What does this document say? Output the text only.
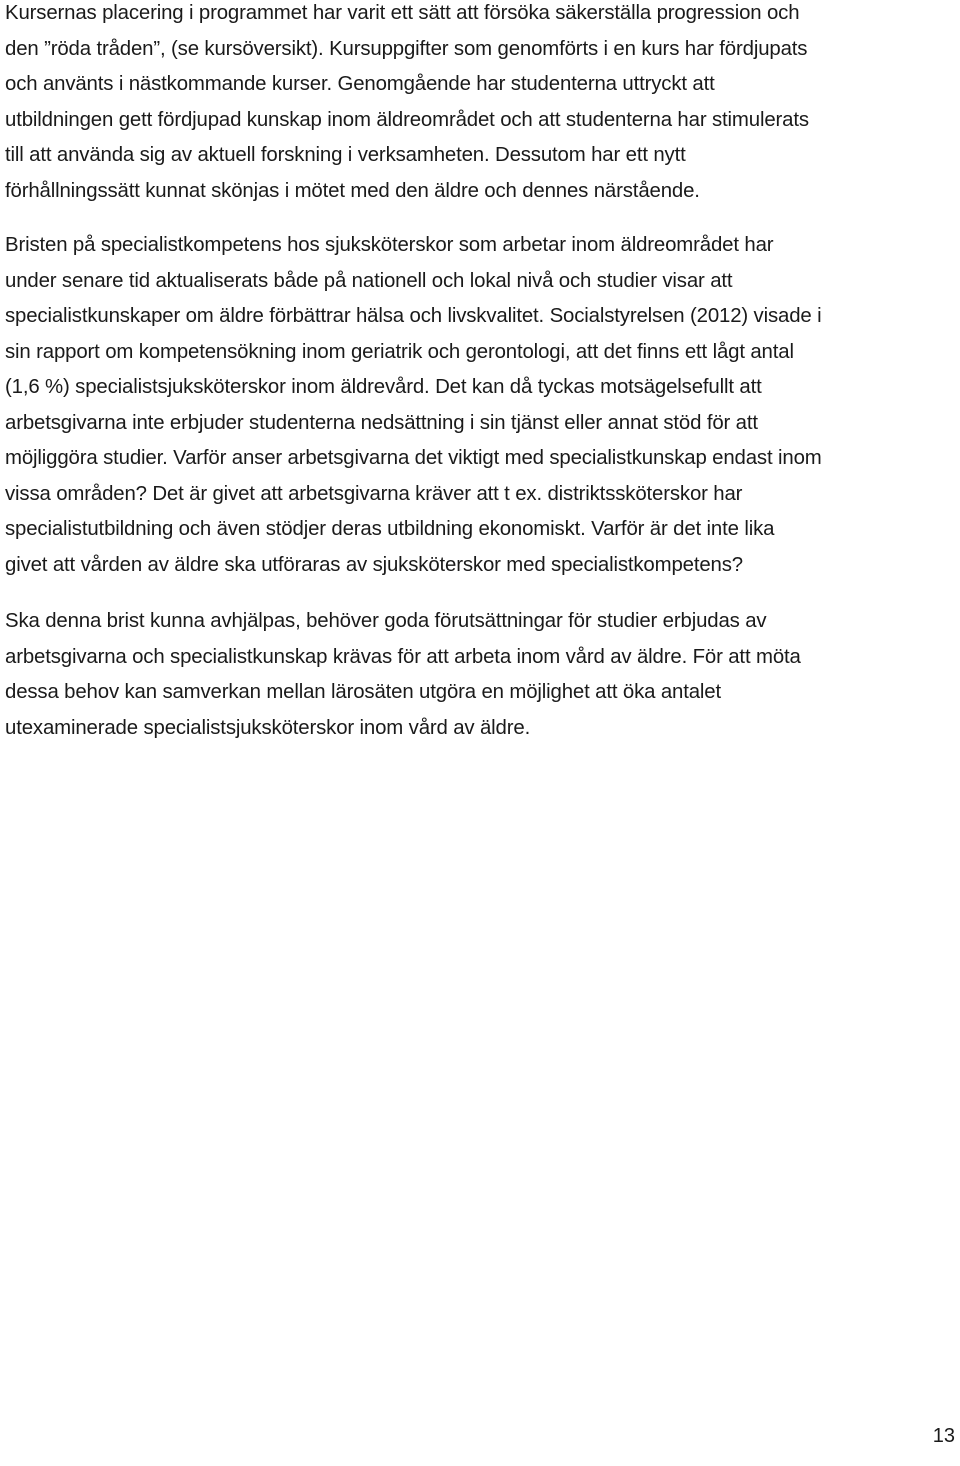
Kursernas placering i programmet har varit ett sätt att försöka säkerställa progression och
den ”röda tråden”, (se kursöversikt). Kursuppgifter som genomförts i en kurs har fördjupats
och använts i nästkommande kurser. Genomgående har studenterna uttryckt att
utbildningen gett fördjupad kunskap inom äldreområdet och att studenterna har stimulerats
till att använda sig av aktuell forskning i verksamheten. Dessutom har ett nytt
förhållningssätt kunnat skönjas i mötet med den äldre och dennes närstående.

Bristen på specialistkompetens hos sjuksköterskor som arbetar inom äldreområdet har
under senare tid aktualiserats både på nationell och lokal nivå och studier visar att
specialistkunskaper om äldre förbättrar hälsa och livskvalitet. Socialstyrelsen (2012) visade i
sin rapport om kompetensökning inom geriatrik och gerontologi, att det finns ett lågt antal
(1,6 %) specialistsjuksköterskor inom äldrevård. Det kan då tyckas motsägelsefullt att
arbetsgivarna inte erbjuder studenterna nedsättning i sin tjänst eller annat stöd för att
möjliggöra studier. Varför anser arbetsgivarna det viktigt med specialistkunskap endast inom
vissa områden? Det är givet att arbetsgivarna kräver att t ex. distriktssköterskor har
specialistutbildning och även stödjer deras utbildning ekonomiskt. Varför är det inte lika
givet att vården av äldre ska utföraras av sjuksköterskor med specialistkompetens?

Ska denna brist kunna avhjälpas, behöver goda förutsättningar för studier erbjudas av
arbetsgivarna och specialistkunskap krävas för att arbeta inom vård av äldre. För att möta
dessa behov kan samverkan mellan lärosäten utgöra en möjlighet att öka antalet
utexaminerade specialistsjuksköterskor inom vård av äldre.

13
